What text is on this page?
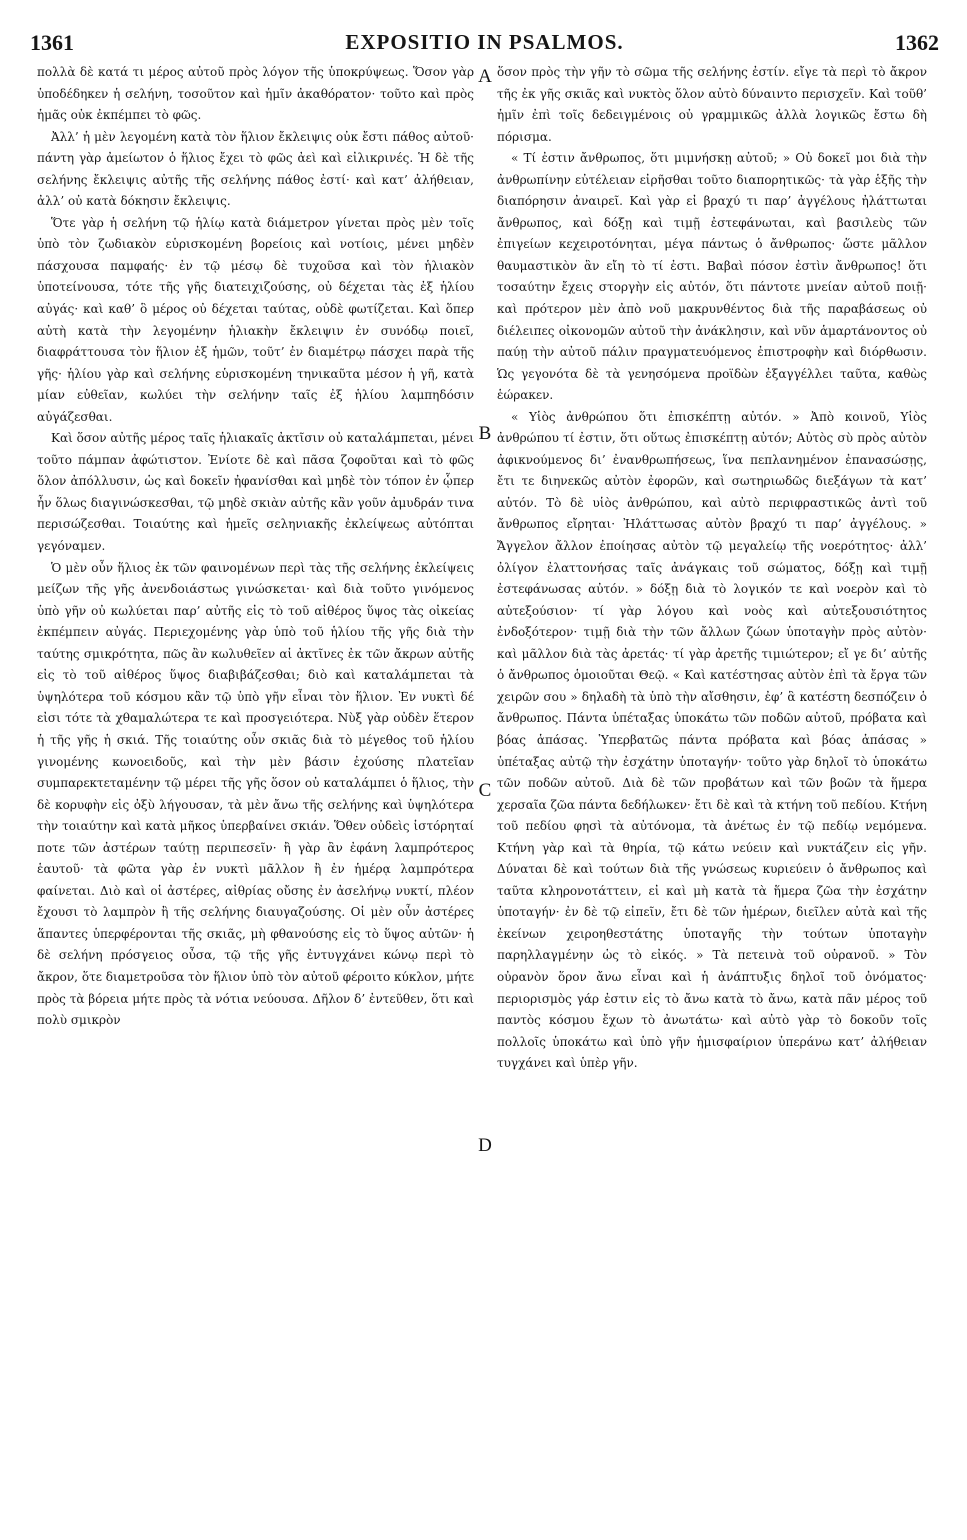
1361	EXPOSITIO IN PSALMOS.	1362

πολλὰ δὲ κατά τι μέρος αὐτοῦ πρὸς λόγον τῆς ὑποκρύψεως. Ὅσον γὰρ ὑποδέδηκεν ἡ σελήνη, τοσοῦτον καὶ ἡμῖν ἀκαθόρατον· τοῦτο καὶ πρὸς ἡμᾶς οὐκ ἐκπέμπει τὸ φῶς.

Ἀλλ’ ἡ μὲν λεγομένη κατὰ τὸν ἥλιον ἔκλειψις οὐκ ἔστι πάθος αὐτοῦ· πάντη γὰρ ἀμείωτον ὁ ἥλιος ἔχει τὸ φῶς ἀεὶ καὶ εἰλικρινές. Ἡ δὲ τῆς σελήνης ἔκλειψις αὐτῆς τῆς σελήνης πάθος ἐστί· καὶ κατ’ ἀλήθειαν, ἀλλ’ οὐ κατὰ δόκησιν ἔκλειψις.

Ὅτε γὰρ ἡ σελήνη τῷ ἡλίῳ κατὰ διάμετρον γίνεται πρὸς μὲν τοῖς ὑπὸ τὸν ζωδιακὸν εὑρισκομένη βορείοις καὶ νοτίοις, μένει μηδὲν πάσχουσα παμφαής· ἐν τῷ μέσῳ δὲ τυχοῦσα καὶ τὸν ἡλιακὸν ὑποτείνουσα, τότε τῆς γῆς διατειχιζούσης, οὐ δέχεται τὰς ἐξ ἡλίου αὐγάς· καὶ καθ’ ὃ μέρος οὐ δέχεται ταύτας, οὐδὲ φωτίζεται. Καὶ ὅπερ αὐτὴ κατὰ τὴν λεγομένην ἡλιακὴν ἔκλειψιν ἐν συνόδῳ ποιεῖ, διαφράττουσα τὸν ἥλιον ἐξ ἡμῶν, τοῦτ’ ἐν διαμέτρῳ πάσχει παρὰ τῆς γῆς· ἡλίου γὰρ καὶ σελήνης εὑρισκομένη τηνικαῦτα μέσον ἡ γῆ, κατὰ μίαν εὐθεῖαν, κωλύει τὴν σελήνην ταῖς ἐξ ἡλίου λαμπηδόσιν αὐγάζεσθαι.

Καὶ ὅσον αὐτῆς μέρος ταῖς ἡλιακαῖς ἀκτῖσιν οὐ καταλάμπεται, μένει τοῦτο πάμπαν ἀφώτιστον. Ἐνίοτε δὲ καὶ πᾶσα ζοφοῦται καὶ τὸ φῶς ὅλον ἀπόλλυσιν, ὡς καὶ δοκεῖν ἠφανίσθαι καὶ μηδὲ τὸν τόπον ἐν ᾧπερ ἦν ὅλως διαγινώσκεσθαι, τῷ μηδὲ σκιὰν αὐτῆς κἂν γοῦν ἀμυδράν τινα περισώζεσθαι. Τοιαύτης καὶ ἡμεῖς σεληνιακῆς ἐκλείψεως αὐτόπται γεγόναμεν.

Ὁ μὲν οὖν ἥλιος ἐκ τῶν φαινομένων περὶ τὰς τῆς σελήνης ἐκλείψεις μείζων τῆς γῆς ἀνενδοιάστως γινώσκεται· καὶ διὰ τοῦτο γινόμενος ὑπὸ γῆν οὐ κωλύεται παρ’ αὐτῆς εἰς τὸ τοῦ αἰθέρος ὕψος τὰς οἰκείας ἐκπέμπειν αὐγάς. Περιεχομένης γὰρ ὑπὸ τοῦ ἡλίου τῆς γῆς διὰ τὴν ταύτης σμικρότητα, πῶς ἂν κωλυθεῖεν αἱ ἀκτῖνες ἐκ τῶν ἄκρων αὐτῆς εἰς τὸ τοῦ αἰθέρος ὕψος διαβιβάζεσθαι; διὸ καὶ καταλάμπεται τὰ ὑψηλότερα τοῦ κόσμου κἂν τῷ ὑπὸ γῆν εἶναι τὸν ἥλιον. Ἐν νυκτὶ δέ εἰσι τότε τὰ χθαμαλώτερα τε καὶ προσγειότερα. Νὺξ γὰρ οὐδὲν ἕτερον ἡ τῆς γῆς ἡ σκιά. Τῆς τοιαύτης οὖν σκιᾶς διὰ τὸ μέγεθος τοῦ ἡλίου γινομένης κωνοειδοῦς, καὶ τὴν μὲν βάσιν ἐχούσης πλατεῖαν συμπαρεκτεταμένην τῷ μέρει τῆς γῆς ὅσον οὐ καταλάμπει ὁ ἥλιος, τὴν δὲ κορυφὴν εἰς ὀξὺ λήγουσαν, τὰ μὲν ἄνω τῆς σελήνης καὶ ὑψηλότερα τὴν τοιαύτην καὶ κατὰ μῆκος ὑπερβαίνει σκιάν. Ὅθεν οὐδεὶς ἱστόρηταί ποτε τῶν ἀστέρων ταύτῃ περιπεσεῖν· ἢ γὰρ ἂν ἐφάνη λαμπρότερος ἑαυτοῦ· τὰ φῶτα γὰρ ἐν νυκτὶ μᾶλλον ἢ ἐν ἡμέρᾳ λαμπρότερα φαίνεται. Διὸ καὶ οἱ ἀστέρες, αἰθρίας οὔσης ἐν ἀσελήνῳ νυκτί, πλέον ἔχουσι τὸ λαμπρὸν ἢ τῆς σελήνης διαυγαζούσης. Οἱ μὲν οὖν ἀστέρες ἅπαντες ὑπερφέρονται τῆς σκιᾶς, μὴ φθανούσης εἰς τὸ ὕψος αὐτῶν· ἡ δὲ σελήνη πρόσγειος οὖσα, τῷ τῆς γῆς ἐντυγχάνει κώνῳ περὶ τὸ ἄκρον, ὅτε διαμετροῦσα τὸν ἥλιον ὑπὸ τὸν αὐτοῦ φέροιτο κύκλον, μήτε πρὸς τὰ βόρεια μήτε πρὸς τὰ νότια νεύουσα. Δῆλον δ’ ἐντεῦθεν, ὅτι καὶ πολὺ σμικρὸν

ὅσον πρὸς τὴν γῆν τὸ σῶμα τῆς σελήνης ἐστίν. εἴγε τὰ περὶ τὸ ἄκρον τῆς ἐκ γῆς σκιᾶς καὶ νυκτὸς ὅλον αὐτὸ δύναιντο περισχεῖν. Καὶ τοῦθ’ ἡμῖν ἐπὶ τοῖς δεδειγμένοις οὐ γραμμικῶς ἀλλὰ λογικῶς ἔστω δὴ πόρισμα.

« Τί ἐστιν ἄνθρωπος, ὅτι μιμνήσκῃ αὐτοῦ; » Οὐ δοκεῖ μοι διὰ τὴν ἀνθρωπίνην εὐτέλειαν εἰρῆσθαι τοῦτο διαπορητικῶς· τὰ γὰρ ἑξῆς τὴν διαπόρησιν ἀναιρεῖ. Καὶ γὰρ εἰ βραχύ τι παρ’ ἀγγέλους ἠλάττωται ἄνθρωπος, καὶ δόξῃ καὶ τιμῇ ἐστεφάνωται, καὶ βασιλεὺς τῶν ἐπιγείων κεχειροτόνηται, μέγα πάντως ὁ ἄνθρωπος· ὥστε μᾶλλον θαυμαστικὸν ἂν εἴη τὸ τί ἐστι. Βαβαὶ πόσον ἐστὶν ἄνθρωπος! ὅτι τοσαύτην ἔχεις στοργὴν εἰς αὐτόν, ὅτι πάντοτε μνείαν αὐτοῦ ποιῇ· καὶ πρότερον μὲν ἀπὸ νοῦ μακρυνθέντος διὰ τῆς παραβάσεως οὐ διέλειπες οἰκονομῶν αὐτοῦ τὴν ἀνάκλησιν, καὶ νῦν ἁμαρτάνοντος οὐ παύῃ τὴν αὐτοῦ πάλιν πραγματευόμενος ἐπιστροφὴν καὶ διόρθωσιν. Ὡς γεγονότα δὲ τὰ γενησόμενα προϊδὼν ἐξαγγέλλει ταῦτα, καθὼς ἑώρακεν.

« Υἱὸς ἀνθρώπου ὅτι ἐπισκέπτῃ αὐτόν. » Ἀπὸ κοινοῦ, Υἱὸς ἀνθρώπου τί ἐστιν, ὅτι οὕτως ἐπισκέπτῃ αὐτόν; Αὐτὸς σὺ πρὸς αὐτὸν ἀφικνούμενος δι’ ἐνανθρωπήσεως, ἵνα πεπλανημένον ἐπανασώσῃς, ἔτι τε διηνεκῶς αὐτὸν ἐφορῶν, καὶ σωτηριωδῶς διεξάγων τὰ κατ’ αὐτόν. Τὸ δὲ υἱὸς ἀνθρώπου, καὶ αὐτὸ περιφραστικῶς ἀντὶ τοῦ ἄνθρωπος εἴρηται· Ἠλάττωσας αὐτὸν βραχύ τι παρ’ ἀγγέλους. » Ἄγγελον ἄλλον ἐποίησας αὐτὸν τῷ μεγαλείῳ τῆς νοερότητος· ἀλλ’ ὀλίγον ἐλαττονήσας ταῖς ἀνάγκαις τοῦ σώματος, δόξῃ καὶ τιμῇ ἐστεφάνωσας αὐτόν. » δόξῃ διὰ τὸ λογικόν τε καὶ νοερὸν καὶ τὸ αὐτεξούσιον· τί γὰρ λόγου καὶ νοὸς καὶ αὐτεξουσιότητος ἐνδοξότερον· τιμῇ διὰ τὴν τῶν ἄλλων ζώων ὑποταγὴν πρὸς αὐτὸν· καὶ μᾶλλον διὰ τὰς ἀρετάς· τί γὰρ ἀρετῆς τιμιώτερον; εἴ γε δι’ αὐτῆς ὁ ἄνθρωπος ὁμοιοῦται Θεῷ. « Καὶ κατέστησας αὐτὸν ἐπὶ τὰ ἔργα τῶν χειρῶν σου » δηλαδὴ τὰ ὑπὸ τὴν αἴσθησιν, ἐφ’ ἃ κατέστη δεσπόζειν ὁ ἄνθρωπος. Πάντα ὑπέταξας ὑποκάτω τῶν ποδῶν αὐτοῦ, πρόβατα καὶ βόας ἁπάσας. Ὑπερβατῶς πάντα πρόβατα καὶ βόας ἁπάσας » ὑπέταξας αὐτῷ τὴν ἐσχάτην ὑποταγήν· τοῦτο γὰρ δηλοῖ τὸ ὑποκάτω τῶν ποδῶν αὐτοῦ. Διὰ δὲ τῶν προβάτων καὶ τῶν βοῶν τὰ ἥμερα χερσαῖα ζῶα πάντα δεδήλωκεν· ἔτι δὲ καὶ τὰ κτήνη τοῦ πεδίου. Κτήνη τοῦ πεδίου φησὶ τὰ αὐτόνομα, τὰ ἀνέτως ἐν τῷ πεδίῳ νεμόμενα. Κτήνη γὰρ καὶ τὰ θηρία, τῷ κάτω νεύειν καὶ νυκτάζειν εἰς γῆν. Δύναται δὲ καὶ τούτων διὰ τῆς γνώσεως κυριεύειν ὁ ἄνθρωπος καὶ ταῦτα κληρονοτάττειν, εἰ καὶ μὴ κατὰ τὰ ἥμερα ζῶα τὴν ἐσχάτην ὑποταγήν· ἐν δὲ τῷ εἰπεῖν, ἔτι δὲ τῶν ἡμέρων, διεῖλεν αὐτὰ καὶ τῆς ἐκείνων χειροηθεστάτης ὑποταγῆς τὴν τούτων ὑποταγὴν παρηλλαγμένην ὡς τὸ εἰκός. » Τὰ πετεινὰ τοῦ οὐρανοῦ. » Τὸν οὐρανὸν ὅρον ἄνω εἶναι καὶ ἡ ἀνάπτυξις δηλοῖ τοῦ ὀνόματος· περιορισμὸς γάρ ἐστιν εἰς τὸ ἄνω κατὰ τὸ ἄνω, κατὰ πᾶν μέρος τοῦ παντὸς κόσμου ἔχων τὸ ἀνωτάτω· καὶ αὐτὸ γὰρ τὸ δοκοῦν τοῖς πολλοῖς ὑποκάτω καὶ ὑπὸ γῆν ἡμισφαίριον ὑπεράνω κατ’ ἀλήθειαν τυγχάνει καὶ ὑπὲρ γῆν.

A
B
C
D
